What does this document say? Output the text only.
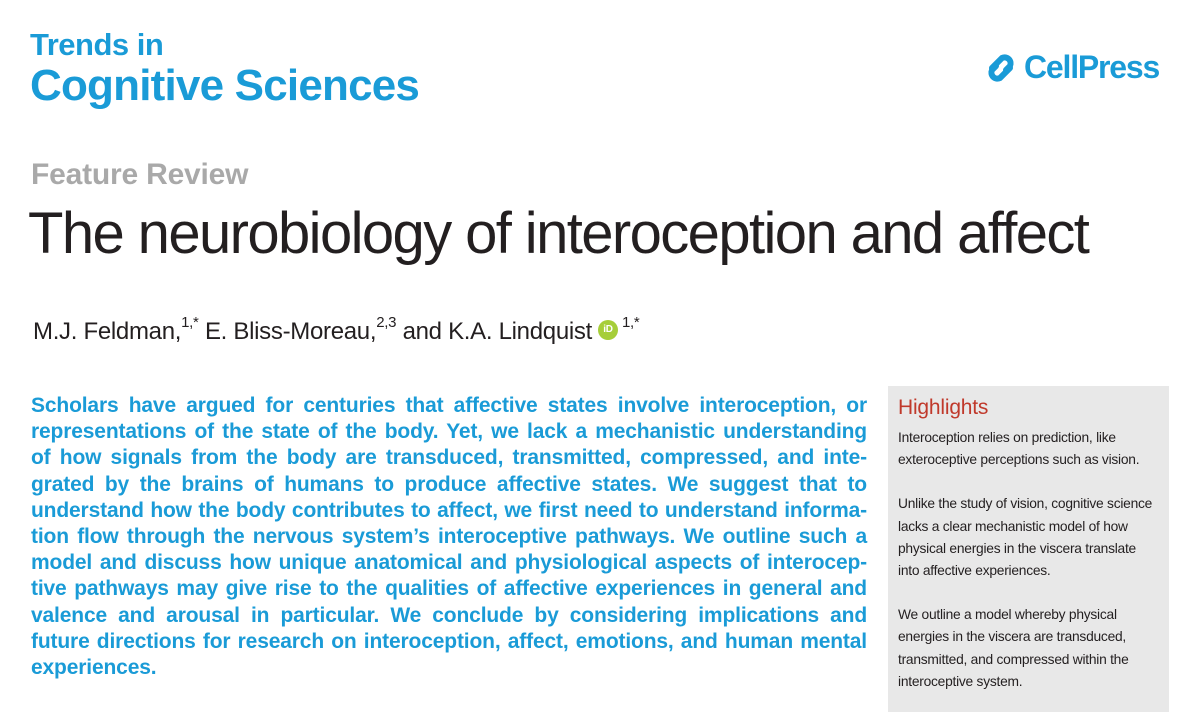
Trends in
Cognitive Sciences	CellPress
Feature Review
The neurobiology of interoception and affect
M.J. Feldman,$^{1,*}$ E. Bliss-Moreau,$^{2,3}$ and K.A. Lindquist iD $^{1,*}$
Scholars have argued for centuries that affective states involve interoception, or
representations of the state of the body. Yet, we lack a mechanistic understanding
of how signals from the body are transduced, transmitted, compressed, and inte-
grated by the brains of humans to produce affective states. We suggest that to
understand how the body contributes to affect, we first need to understand informa-
tion flow through the nervous system’s interoceptive pathways. We outline such a
model and discuss how unique anatomical and physiological aspects of interocep-
tive pathways may give rise to the qualities of affective experiences in general and
valence and arousal in particular. We conclude by considering implications and
future directions for research on interoception, affect, emotions, and human mental
experiences.
Highlights

Interoception relies on prediction, like exteroceptive perceptions such as vision.

Unlike the study of vision, cognitive science lacks a clear mechanistic model of how physical energies in the viscera translate into affective experiences.

We outline a model whereby physical energies in the viscera are transduced, transmitted, and compressed within the interoceptive system.
